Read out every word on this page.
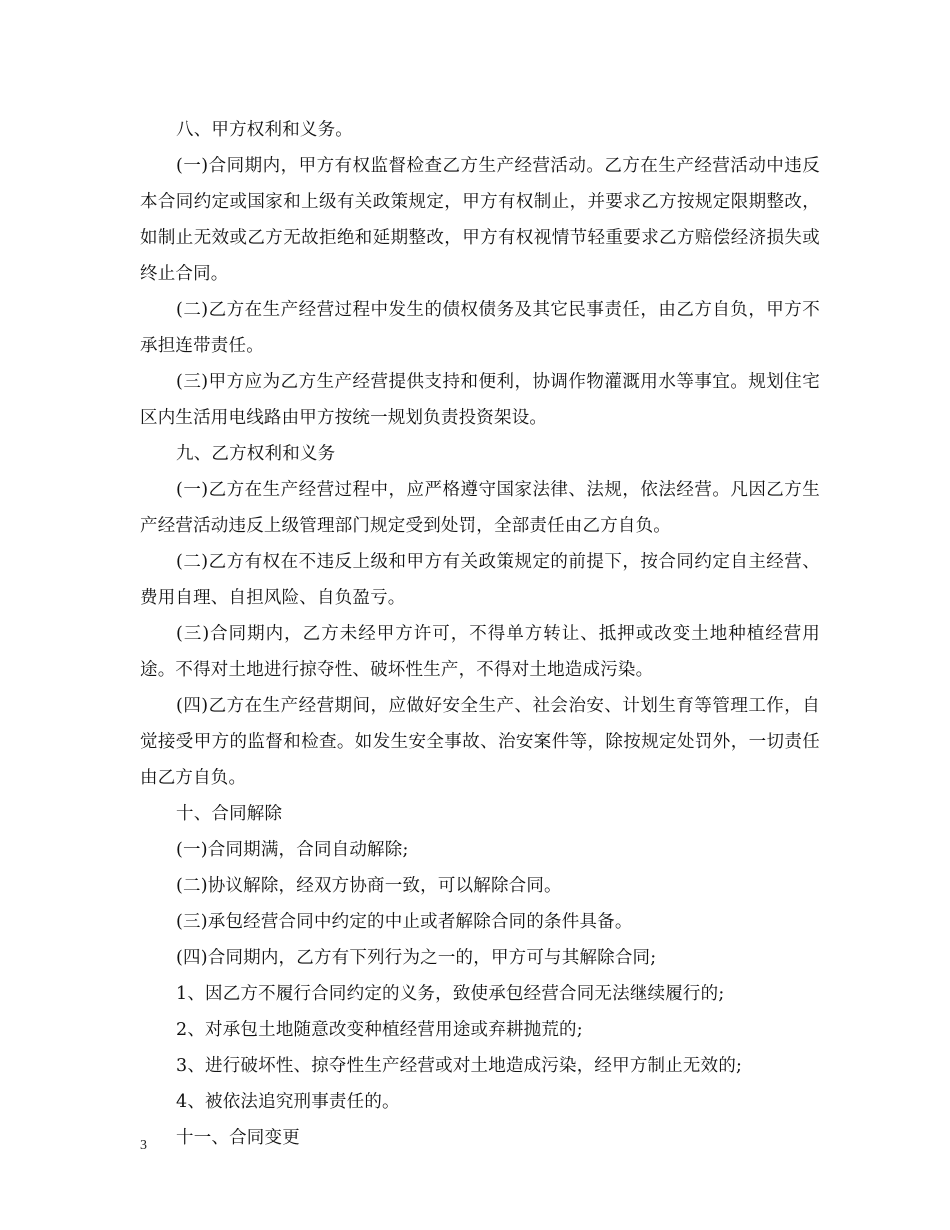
八、甲方权利和义务。

(一)合同期内，甲方有权监督检查乙方生产经营活动。乙方在生产经营活动中违反本合同约定或国家和上级有关政策规定，甲方有权制止，并要求乙方按规定限期整改，如制止无效或乙方无故拒绝和延期整改，甲方有权视情节轻重要求乙方赔偿经济损失或终止合同。

(二)乙方在生产经营过程中发生的债权债务及其它民事责任，由乙方自负，甲方不承担连带责任。

(三)甲方应为乙方生产经营提供支持和便利，协调作物灌溉用水等事宜。规划住宅区内生活用电线路由甲方按统一规划负责投资架设。

九、乙方权利和义务

(一)乙方在生产经营过程中，应严格遵守国家法律、法规，依法经营。凡因乙方生产经营活动违反上级管理部门规定受到处罚，全部责任由乙方自负。

(二)乙方有权在不违反上级和甲方有关政策规定的前提下，按合同约定自主经营、费用自理、自担风险、自负盈亏。

(三)合同期内，乙方未经甲方许可，不得单方转让、抵押或改变土地种植经营用途。不得对土地进行掠夺性、破坏性生产，不得对土地造成污染。

(四)乙方在生产经营期间，应做好安全生产、社会治安、计划生育等管理工作，自觉接受甲方的监督和检查。如发生安全事故、治安案件等，除按规定处罚外，一切责任由乙方自负。

十、合同解除

(一)合同期满，合同自动解除;

(二)协议解除，经双方协商一致，可以解除合同。

(三)承包经营合同中约定的中止或者解除合同的条件具备。

(四)合同期内，乙方有下列行为之一的，甲方可与其解除合同;

1、因乙方不履行合同约定的义务，致使承包经营合同无法继续履行的;

2、对承包土地随意改变种植经营用途或弃耕抛荒的;

3、进行破坏性、掠夺性生产经营或对土地造成污染，经甲方制止无效的;

4、被依法追究刑事责任的。

十一、合同变更

3
